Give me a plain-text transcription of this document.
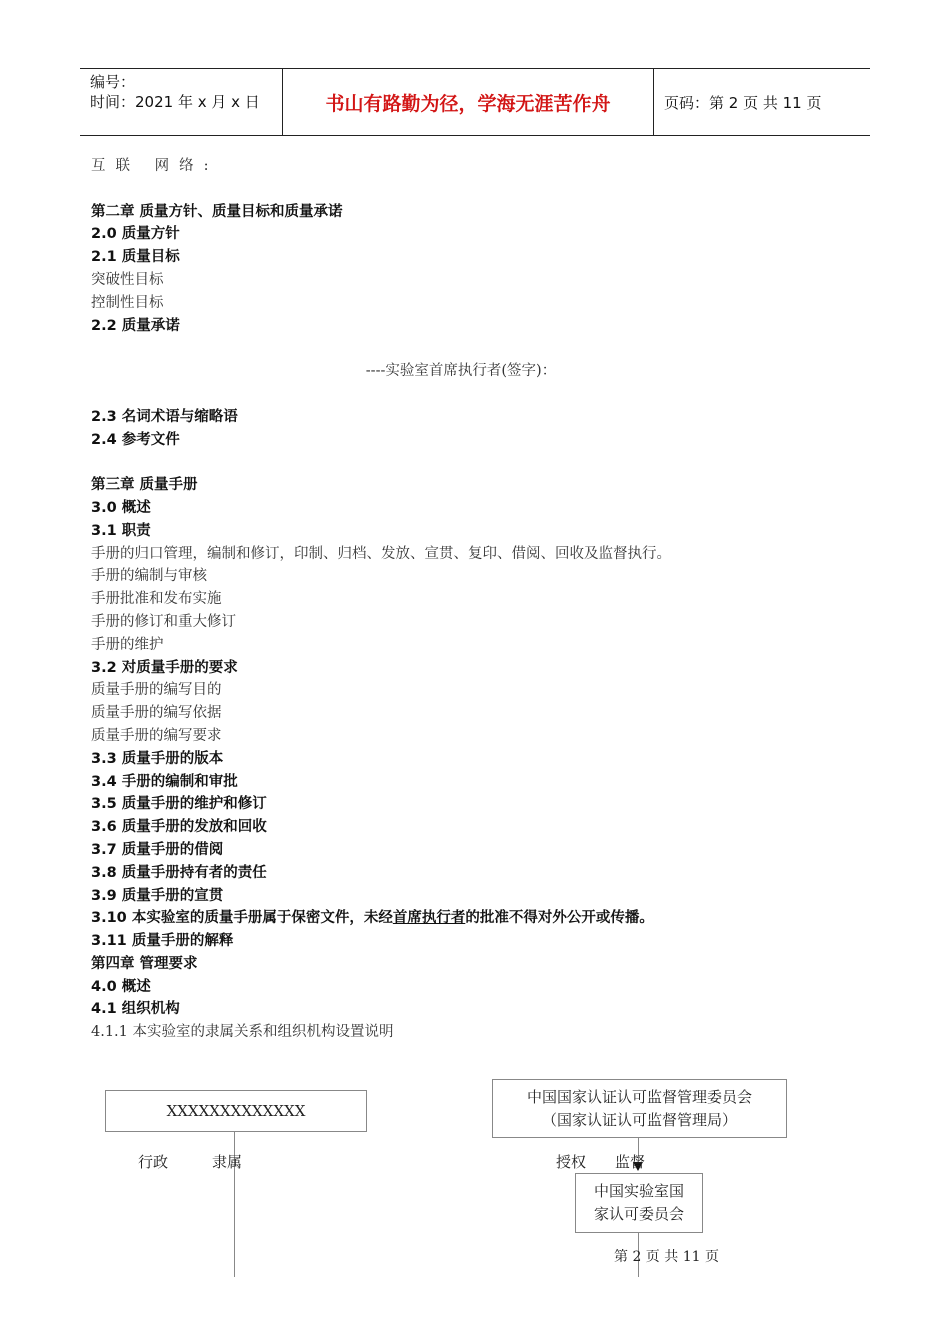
编号：
时间：2021 年 x 月 x 日	书山有路勤为径，学海无涯苦作舟	页码：第 2 页 共 11 页
互联 网络:
第二章 质量方针、质量目标和质量承诺
2.0 质量方针
2.1 质量目标
突破性目标
控制性目标
2.2 质量承诺
----实验室首席执行者(签字)：
2.3 名词术语与缩略语
2.4 参考文件
第三章 质量手册
3.0 概述
3.1 职责
手册的归口管理，编制和修订，印制、归档、发放、宣贯、复印、借阅、回收及监督执行。
手册的编制与审核
手册批准和发布实施
手册的修订和重大修订
手册的维护
3.2 对质量手册的要求
质量手册的编写目的
质量手册的编写依据
质量手册的编写要求
3.3 质量手册的版本
3.4 手册的编制和审批
3.5 质量手册的维护和修订
3.6 质量手册的发放和回收
3.7 质量手册的借阅
3.8 质量手册持有者的责任
3.9 质量手册的宣贯
3.10 本实验室的质量手册属于保密文件，未经首席执行者的批准不得对外公开或传播。
3.11 质量手册的解释
第四章 管理要求
4.0 概述
4.1 组织机构
4.1.1 本实验室的隶属关系和组织机构设置说明
XXXXXXXXXXXXX
行政	隶属
中国国家认证认可监督管理委员会
（国家认证认可监督管理局）
授权 监督
中国实验室国
家认可委员会
第 2 页 共 11 页
